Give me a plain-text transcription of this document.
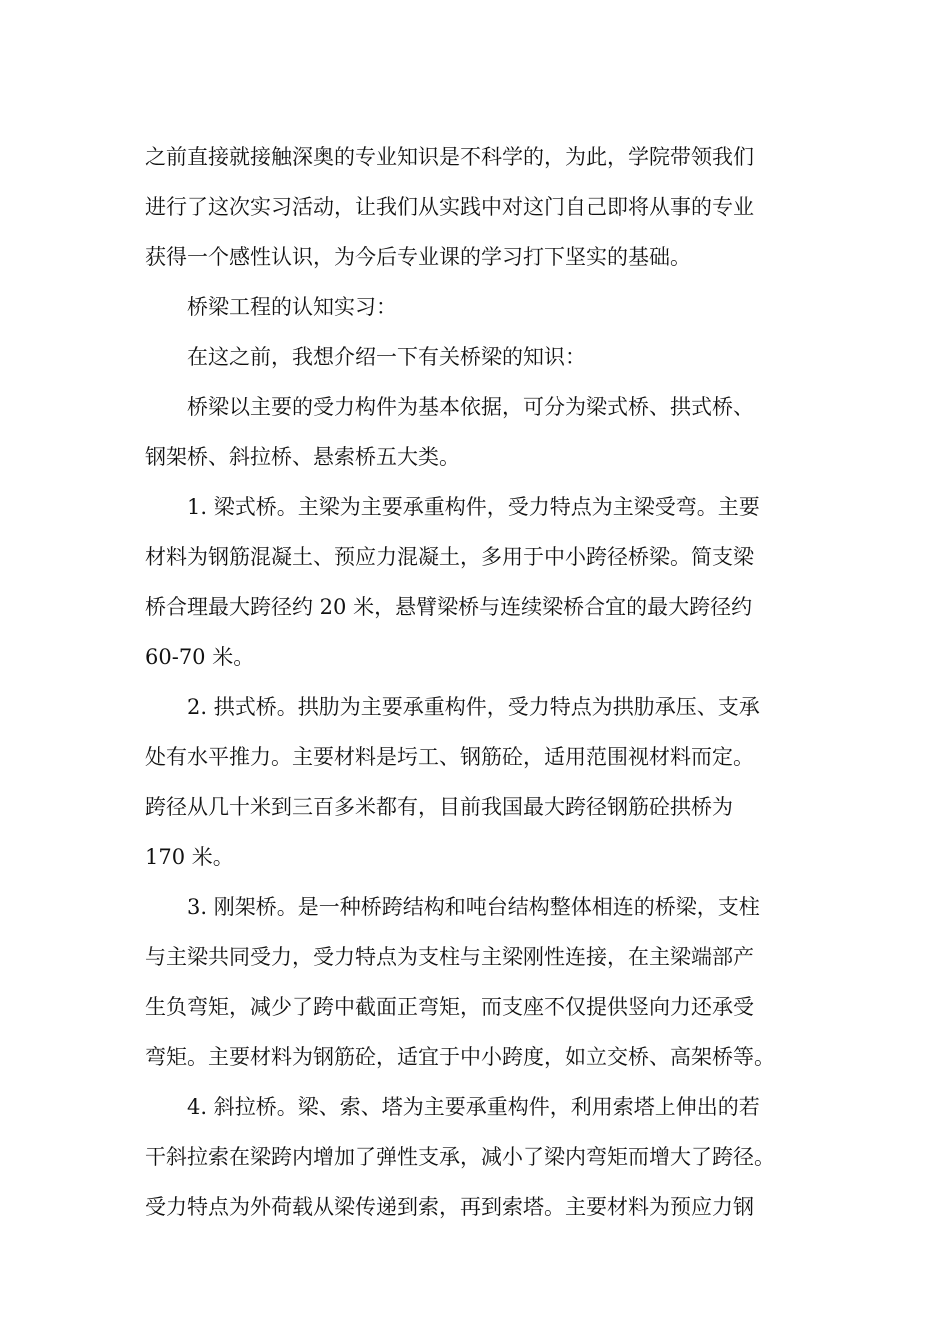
之前直接就接触深奥的专业知识是不科学的，为此，学院带领我们
进行了这次实习活动，让我们从实践中对这门自己即将从事的专业
获得一个感性认识，为今后专业课的学习打下坚实的基础。
桥梁工程的认知实习：
在这之前，我想介绍一下有关桥梁的知识：
桥梁以主要的受力构件为基本依据，可分为梁式桥、拱式桥、
钢架桥、斜拉桥、悬索桥五大类。
1. 梁式桥。主梁为主要承重构件，受力特点为主梁受弯。主要
材料为钢筋混凝土、预应力混凝土，多用于中小跨径桥梁。简支梁
桥合理最大跨径约 20 米，悬臂梁桥与连续梁桥合宜的最大跨径约
60-70 米。
2. 拱式桥。拱肋为主要承重构件，受力特点为拱肋承压、支承
处有水平推力。主要材料是圬工、钢筋砼，适用范围视材料而定。
跨径从几十米到三百多米都有，目前我国最大跨径钢筋砼拱桥为
170 米。
3. 刚架桥。是一种桥跨结构和吨台结构整体相连的桥梁，支柱
与主梁共同受力，受力特点为支柱与主梁刚性连接，在主梁端部产
生负弯矩，减少了跨中截面正弯矩，而支座不仅提供竖向力还承受
弯矩。主要材料为钢筋砼，适宜于中小跨度，如立交桥、高架桥等。
4. 斜拉桥。梁、索、塔为主要承重构件，利用索塔上伸出的若
干斜拉索在梁跨内增加了弹性支承，减小了梁内弯矩而增大了跨径。
受力特点为外荷载从梁传递到索，再到索塔。主要材料为预应力钢
